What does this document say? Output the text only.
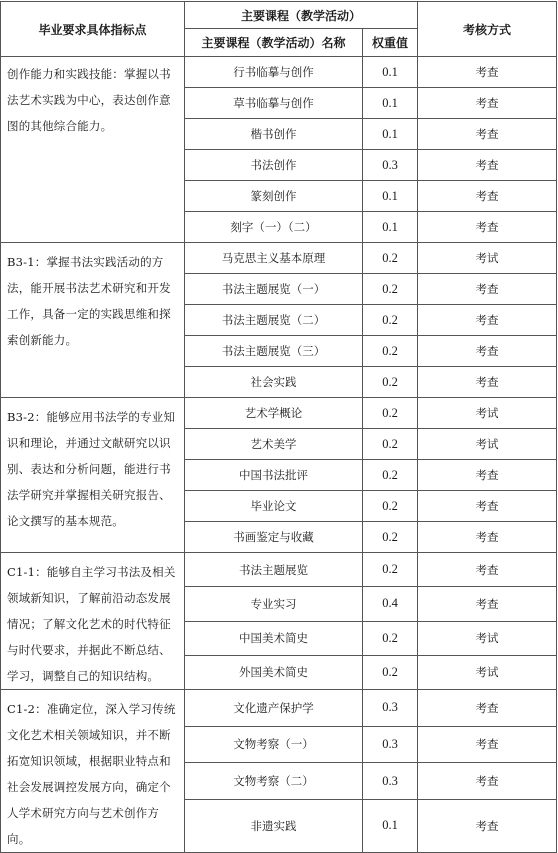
毕业要求具体指标点	主要课程（教学活动）		考核方式
	主要课程（教学活动）名称	权重值	
创作能力和实践技能：掌握以书法艺术实践为中心，表达创作意图的其他综合能力。	行书临摹与创作	0.1	考查
	草书临摹与创作	0.1	考查
	楷书创作	0.1	考查
	书法创作	0.3	考查
	篆刻创作	0.1	考查
	刻字（一）（二）	0.1	考查
B3-1：掌握书法实践活动的方法，能开展书法艺术研究和开发工作，具备一定的实践思维和探索创新能力。	马克思主义基本原理	0.2	考试
	书法主题展览（一）	0.2	考查
	书法主题展览（二）	0.2	考查
	书法主题展览（三）	0.2	考查
	社会实践	0.2	考查
B3-2：能够应用书法学的专业知识和理论，并通过文献研究以识别、表达和分析问题，能进行书法学研究并掌握相关研究报告、论文撰写的基本规范。	艺术学概论	0.2	考试
	艺术美学	0.2	考试
	中国书法批评	0.2	考查
	毕业论文	0.2	考查
	书画鉴定与收藏	0.2	考查
C1-1：能够自主学习书法及相关领域新知识，了解前沿动态发展情况；了解文化艺术的时代特征与时代要求，并据此不断总结、学习，调整自己的知识结构。	书法主题展览	0.2	考查
	专业实习	0.4	考查
	中国美术简史	0.2	考试
	外国美术简史	0.2	考试
C1-2：准确定位，深入学习传统文化艺术相关领域知识，并不断拓宽知识领域，根据职业特点和社会发展调控发展方向，确定个人学术研究方向与艺术创作方向。	文化遗产保护学	0.3	考查
	文物考察（一）	0.3	考查
	文物考察（二）	0.3	考查
	非遗实践	0.1	考查
